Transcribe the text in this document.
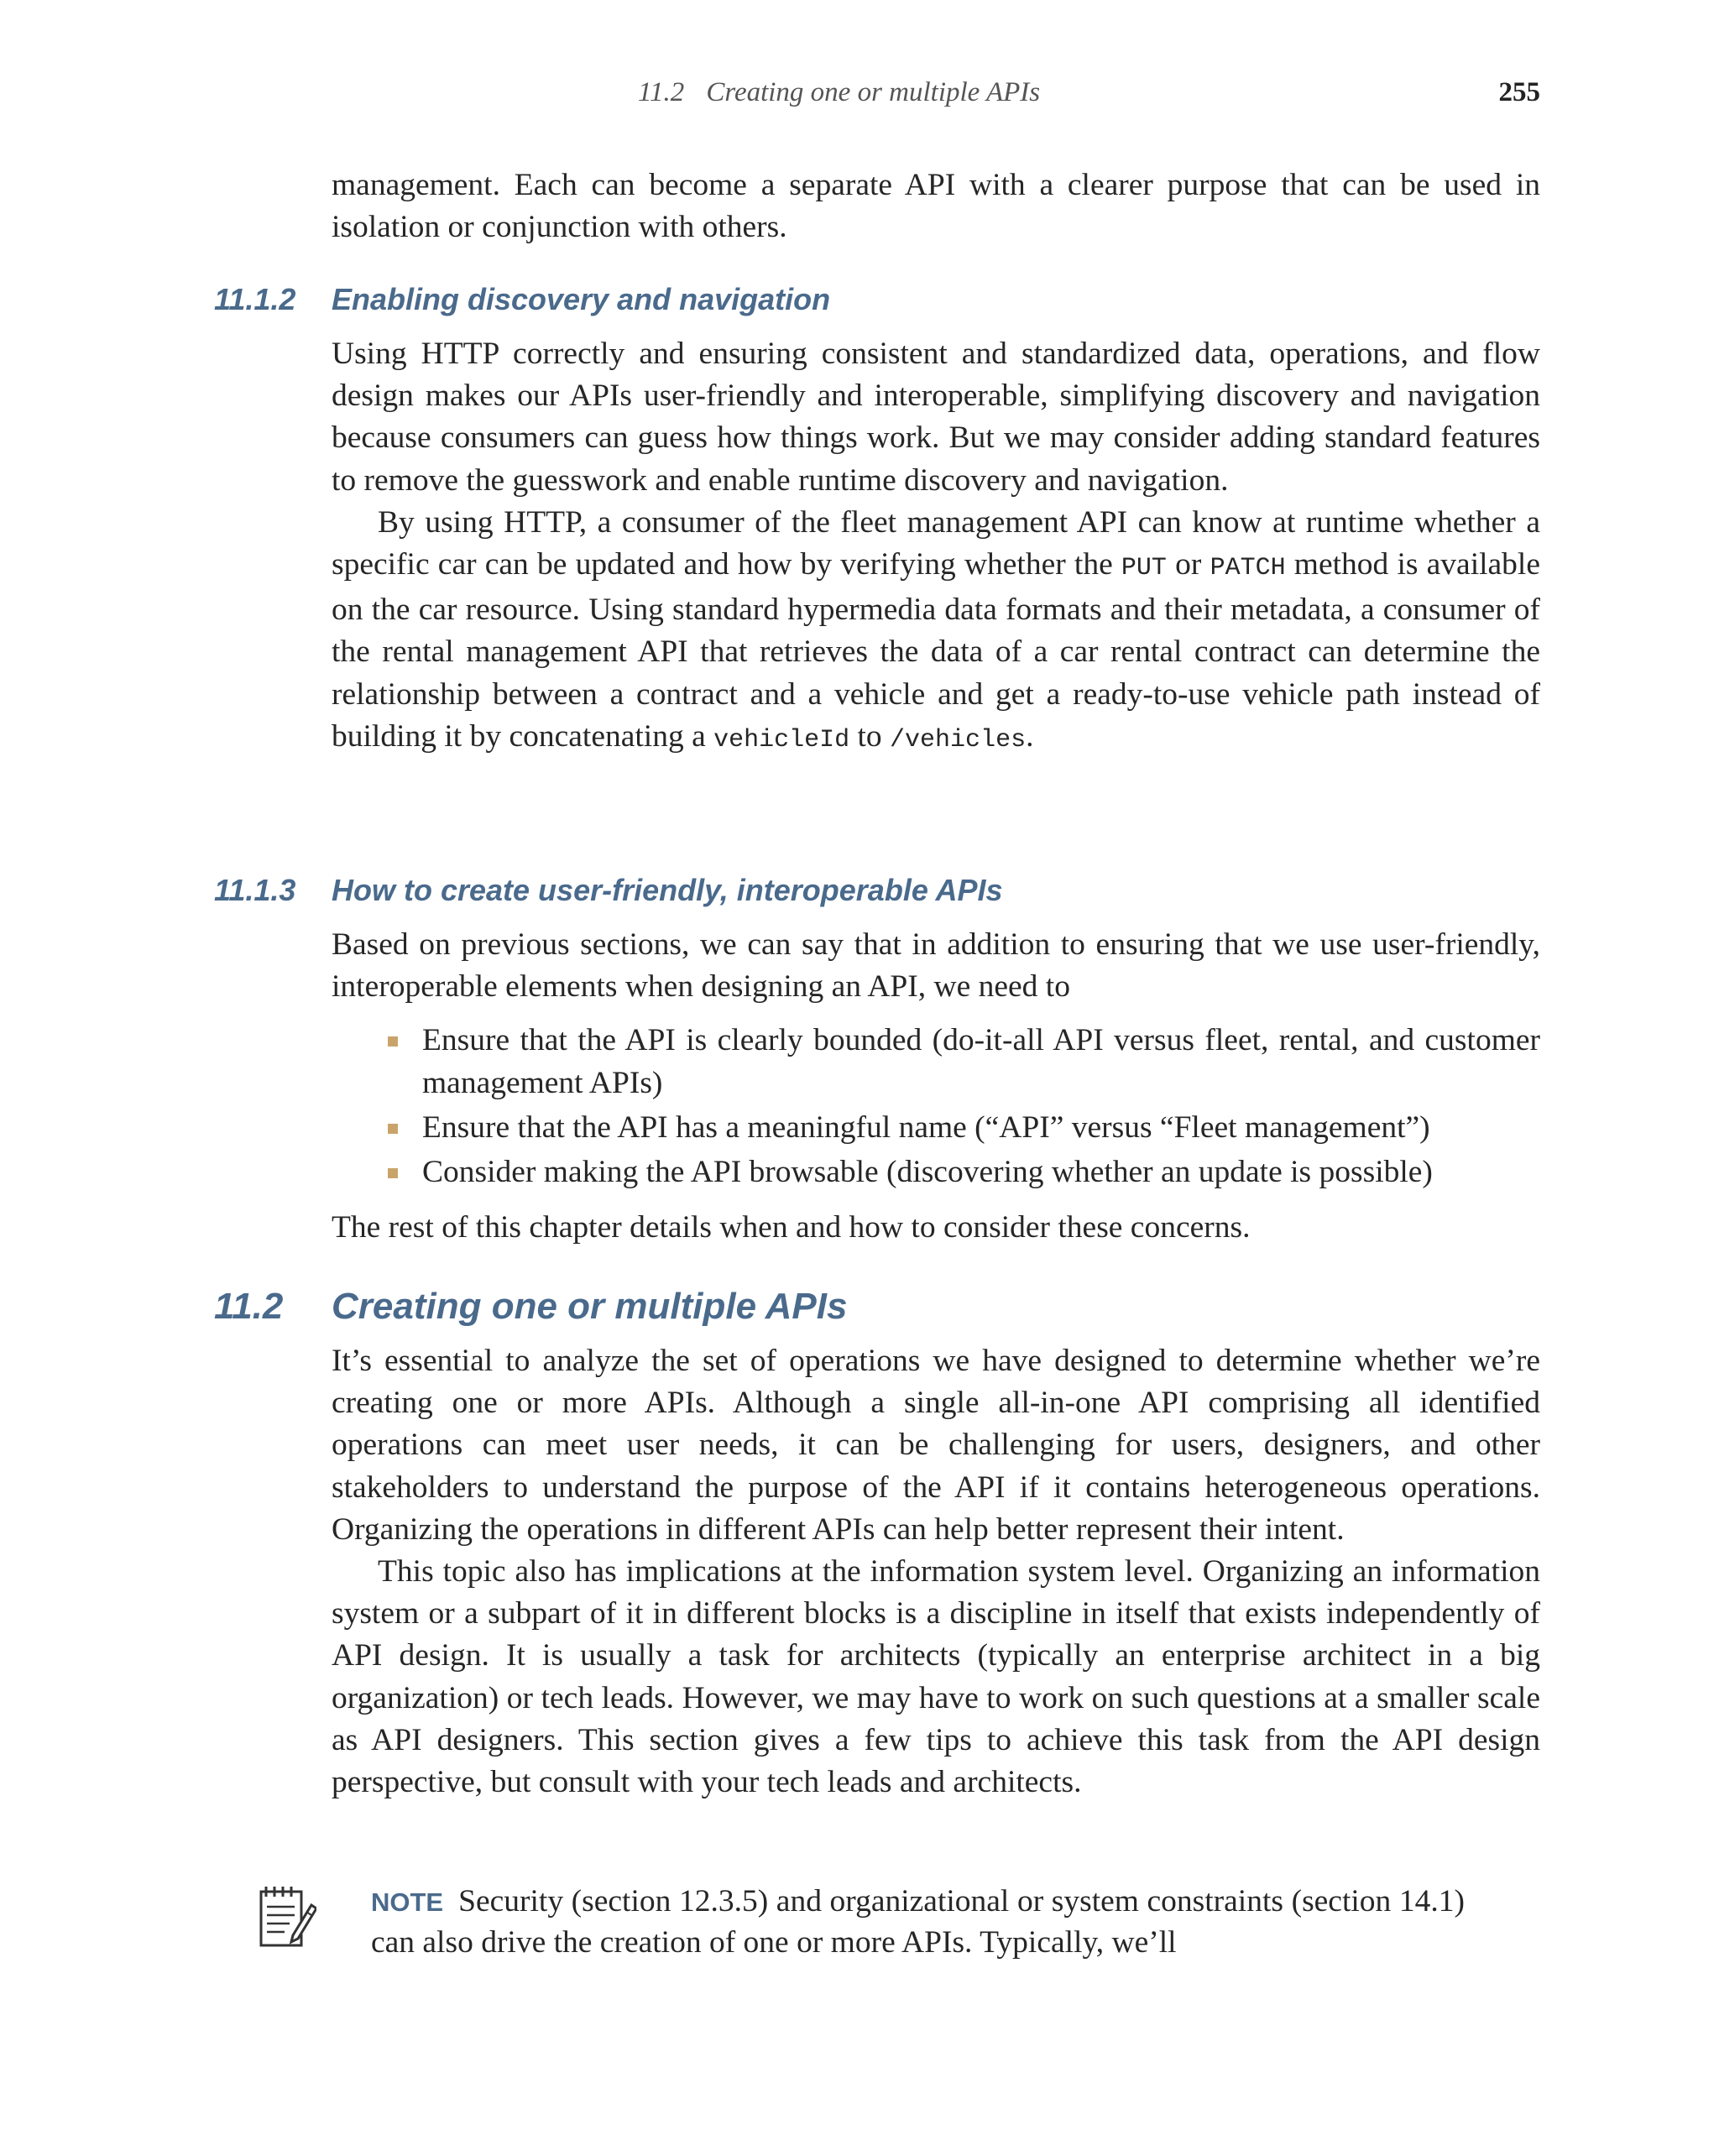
11.2 Creating one or multiple APIs	255

management. Each can become a separate API with a clearer purpose that can be used in isolation or conjunction with others.

11.1.2 Enabling discovery and navigation

Using HTTP correctly and ensuring consistent and standardized data, operations, and flow design makes our APIs user-friendly and interoperable, simplifying discovery and navigation because consumers can guess how things work. But we may consider adding standard features to remove the guesswork and enable runtime discovery and navigation.

By using HTTP, a consumer of the fleet management API can know at runtime whether a specific car can be updated and how by verifying whether the PUT or PATCH method is available on the car resource. Using standard hypermedia data formats and their metadata, a consumer of the rental management API that retrieves the data of a car rental contract can determine the relationship between a contract and a vehicle and get a ready-to-use vehicle path instead of building it by concatenating a vehicleId to /vehicles.

11.1.3 How to create user-friendly, interoperable APIs

Based on previous sections, we can say that in addition to ensuring that we use user-friendly, interoperable elements when designing an API, we need to

Ensure that the API is clearly bounded (do-it-all API versus fleet, rental, and customer management APIs)
Ensure that the API has a meaningful name (“API” versus “Fleet management”)
Consider making the API browsable (discovering whether an update is possible)

The rest of this chapter details when and how to consider these concerns.

11.2 Creating one or multiple APIs

It’s essential to analyze the set of operations we have designed to determine whether we’re creating one or more APIs. Although a single all-in-one API comprising all identified operations can meet user needs, it can be challenging for users, designers, and other stakeholders to understand the purpose of the API if it contains heterogeneous operations. Organizing the operations in different APIs can help better represent their intent.

This topic also has implications at the information system level. Organizing an information system or a subpart of it in different blocks is a discipline in itself that exists independently of API design. It is usually a task for architects (typically an enterprise architect in a big organization) or tech leads. However, we may have to work on such questions at a smaller scale as API designers. This section gives a few tips to achieve this task from the API design perspective, but consult with your tech leads and architects.

NOTE Security (section 12.3.5) and organizational or system constraints (section 14.1) can also drive the creation of one or more APIs. Typically, we’ll
